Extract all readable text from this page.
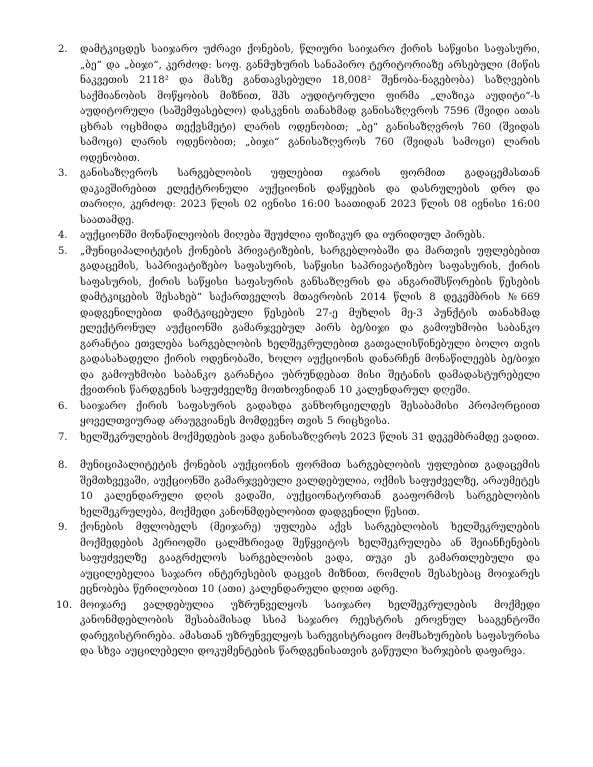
2.	დამტკიცდეს საიჯარო უძრავი ქონების, წლიური საიჯარო ქირის საწყისი საფასური, „ბე“ და „ბიჯი“, კერძოდ: სოფ. განმუხურის სანაპირო ტერიტორიაზე არსებული (მიწის ნაკვეთის 2118² და მასზე განთავსებული 18,008² შენობა-ნაგებობა) საზღვების საქმიანობის მოწყობის მიზნით, შპს აუდიტორული ფირმა „ლაზიკა აუდიტი“-ს აუდიტორული (საშემფასებლო) დასკვნის თანახმად განისაზღვროს 7596 (შვიდი ათას ცხრას ოცხმიდა თექვსმეტი) ლარის ოდენობით; „ბე“ განისაზღვროს 760 (შვიდას სამოცი) ლარის ოდენობით; „ბიჯი“ განისაზღვროს 760 (შვიდას სამოცი) ლარის ოდენობით.
3.	განისაზღვროს სარგებლობის უფლებით იჯარის ფორმით გადაცემასთან დაკავშირებით ელექტრონული აუქციონის დაწყების და დასრულების დრო და თარიღი, კერძოდ: 2023 წლის 02 ივნისი 16:00 საათიდან 2023 წლის 08 ივნისი 16:00 საათამდე.
4.	აუქციონში მონაწილეობის მიღება შეუძლია ფიზიკურ და იურიდიულ პირებს.
5.	„მუნიციპალიტეტის ქონების პრივატიზების, სარგებლობაში და მართვის უფლებებით გადაცემის, საპრივატიზებო საფასურის, საწყისი საპრივატიზებო საფასურის, ქირის საფასურის, ქირის საწყისი საფასურის განსაზღვრის და ანგარიშსწორების წესების დამტკიცების შესახებ“ საქართველოს მთავრობის 2014 წლის 8 დეკემბრის №669 დადგენილებით დამტკიცებული წესების 27-ე მუხლის მე-3 პუნქტის თანახმად ელექტრონულ აუქციონში გამარჯვებულ პირს ბე/ბიჯი და გამოუხმობი საბანკო გარანტია ეთვლება სარგებლობის ხელშეკრულებით გათვალისწინებული ბოლო თვის გადასახადელი ქირის ოდენობაში, ხოლო აუქციონის დანარჩენ მონაწილეებს ბე/ბიჯი და გამოუხმობი საბანკო გარანტია უბრუნდებათ მისი შეტანის დამადასტურებელი ქვითრის წარდგენის საფუძველზე მოთხოვნიდან 10 კალენდარულ დღეში.
6.	საიჯარო ქირის საფასურის გადახდა განხორციელდეს შესაბამისი პროპორციით ყოველთვიურად არაუგვიანეს მომდევნო თვის 5 რიცხვისა.
7.	ხელშეკრულების მოქმედების ვადა განისაზღვროს 2023 წლის 31 დეკემბრამდე ვადით.
8.	მუნიციპალიტეტის ქონების აუქციონის ფორმით სარგებლობის უფლებით გადაცემის შემთხვევაში, აუქციონში გამარჯვებული ვალდებულია, ოქმის საფუძველზე, არაუმეტეს 10 კალენდარული დღის ვადაში, აუქციონატორთან გააფორმოს სარგებლობის ხელშეკრულება, მოქმედი კანონმდებლობით დადგენილი წესით.
9.	ქონების მფლობელს (მეიჯარე) უფლება აქვს სარგებლობის ხელშეკრულების მოქმედების პერიოდში ცალმხრივად შეწყვიტოს ხელშეკრულება ან შეიანჩენების საფუძველზე გააგრძელოს სარგებლობის ვადა, თუკი ეს გამართლებული და აუცილებელია საჯარო ინტერესების დაცვის მიზნით, რომლის შესახებაც მოიჯარეს ეცნობება წერილობით 10 (ათი) კალენდარული დღით ადრე.
10. მოიჯარე ვალდებულია უზრუნველყოს საიჯარო ხელშეკრულების მოქმედი კანონმდებლობის შესაბამისად სსიპ საჯარო რეესტრის ეროვნულ სააგენტოში დარეგისტრირება. ამასთან უზრუნველყოს სარეგისტრაციო მომსახურების საფასურისა და სხვა აუცილებელი დოკუმენტების წარდგენისათვის გაწეული ხარჯების დაფარვა.
